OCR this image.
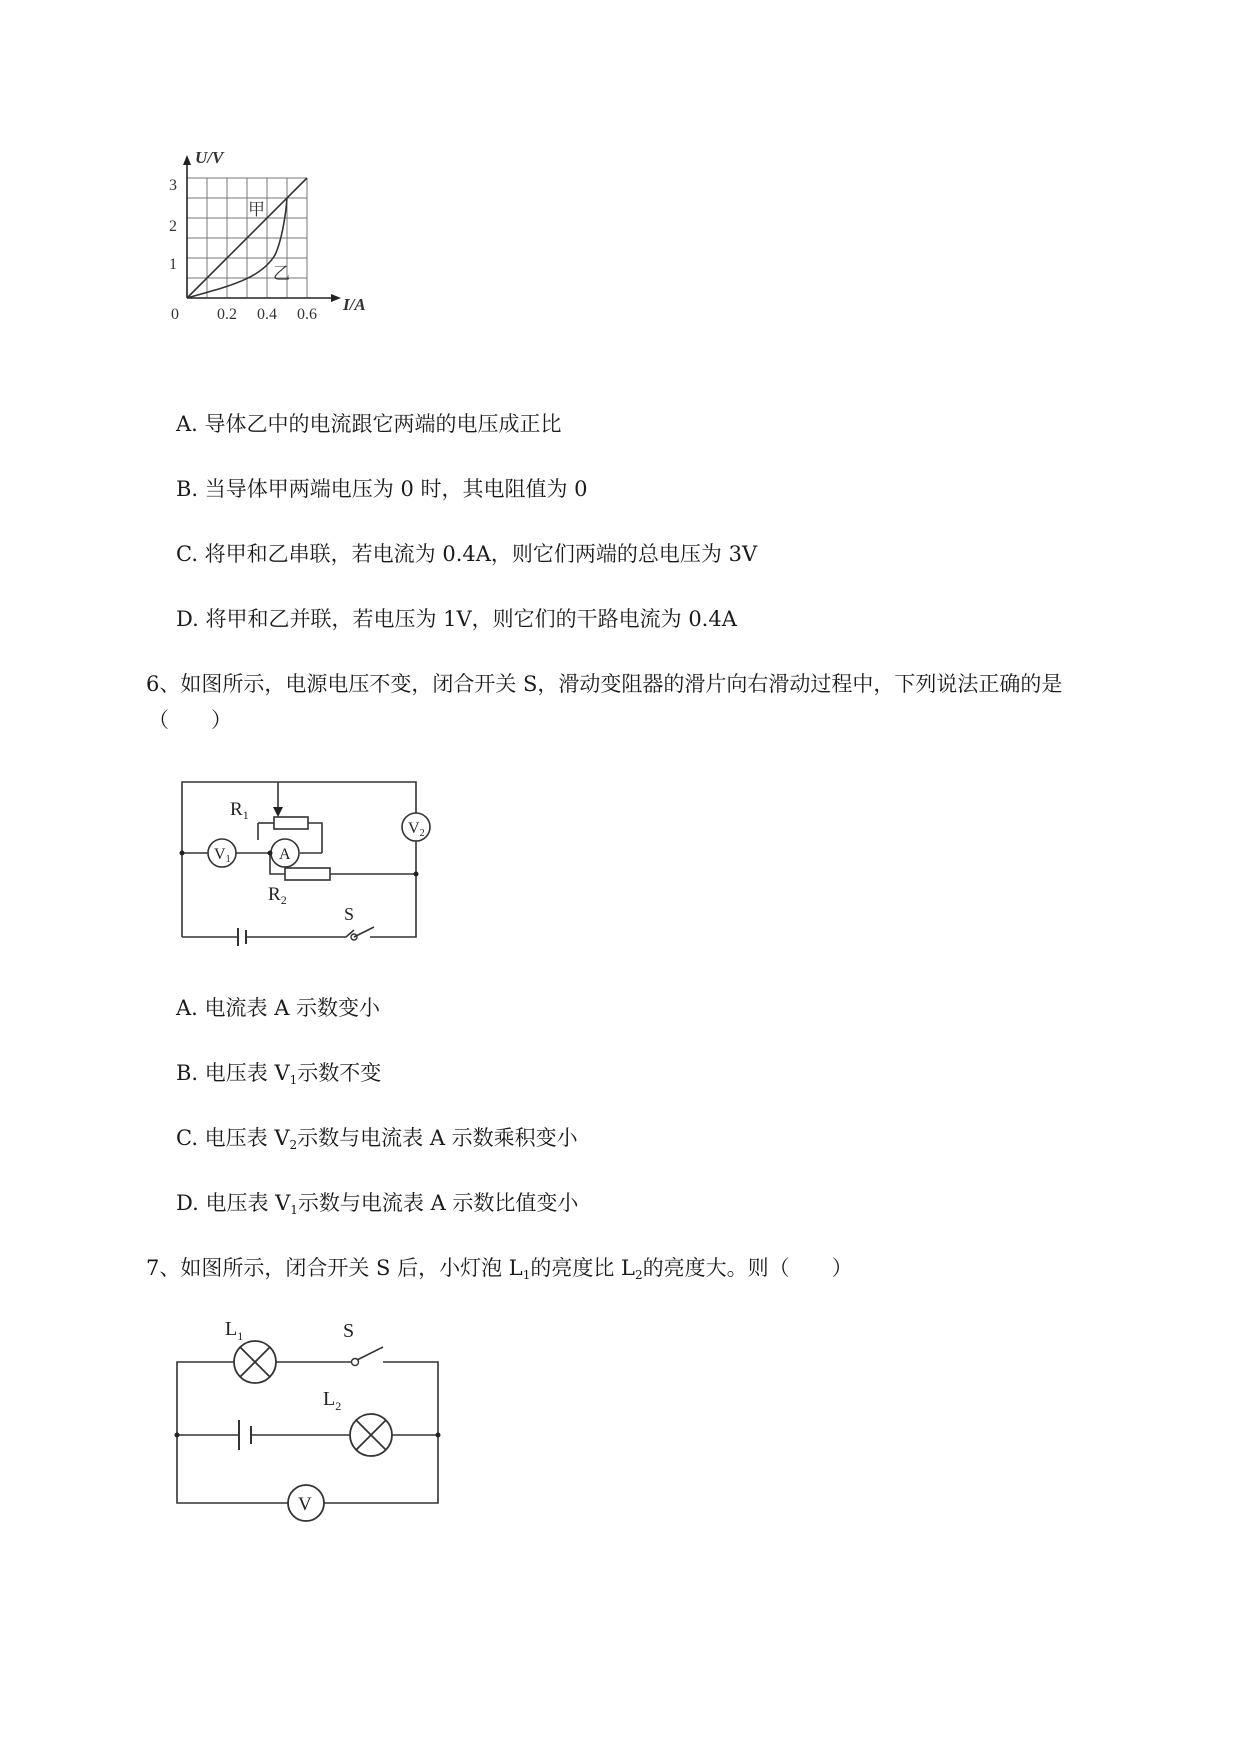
U/V
I/A
3
2
1
0 0.2 0.4 0.6
甲
乙
A. 导体乙中的电流跟它两端的电压成正比
B. 当导体甲两端电压为 0 时，其电阻值为 0
C. 将甲和乙串联，若电流为 0.4A，则它们两端的总电压为 3V
D. 将甲和乙并联，若电压为 1V，则它们的干路电流为 0.4A
6、如图所示，电源电压不变，闭合开关 S，滑动变阻器的滑片向右滑动过程中，下列说法正确的是
（　　）
$R_1$
$R_2$
V1
V2
A
S
A. 电流表 A 示数变小
B. 电压表 $V_1$示数不变
C. 电压表 $V_2$示数与电流表 A 示数乘积变小
D. 电压表 $V_1$示数与电流表 A 示数比值变小
7、如图所示，闭合开关 S 后，小灯泡 $L_1$的亮度比 $L_2$的亮度大。则（　　）
V
$L_1$	S
$L_2$
